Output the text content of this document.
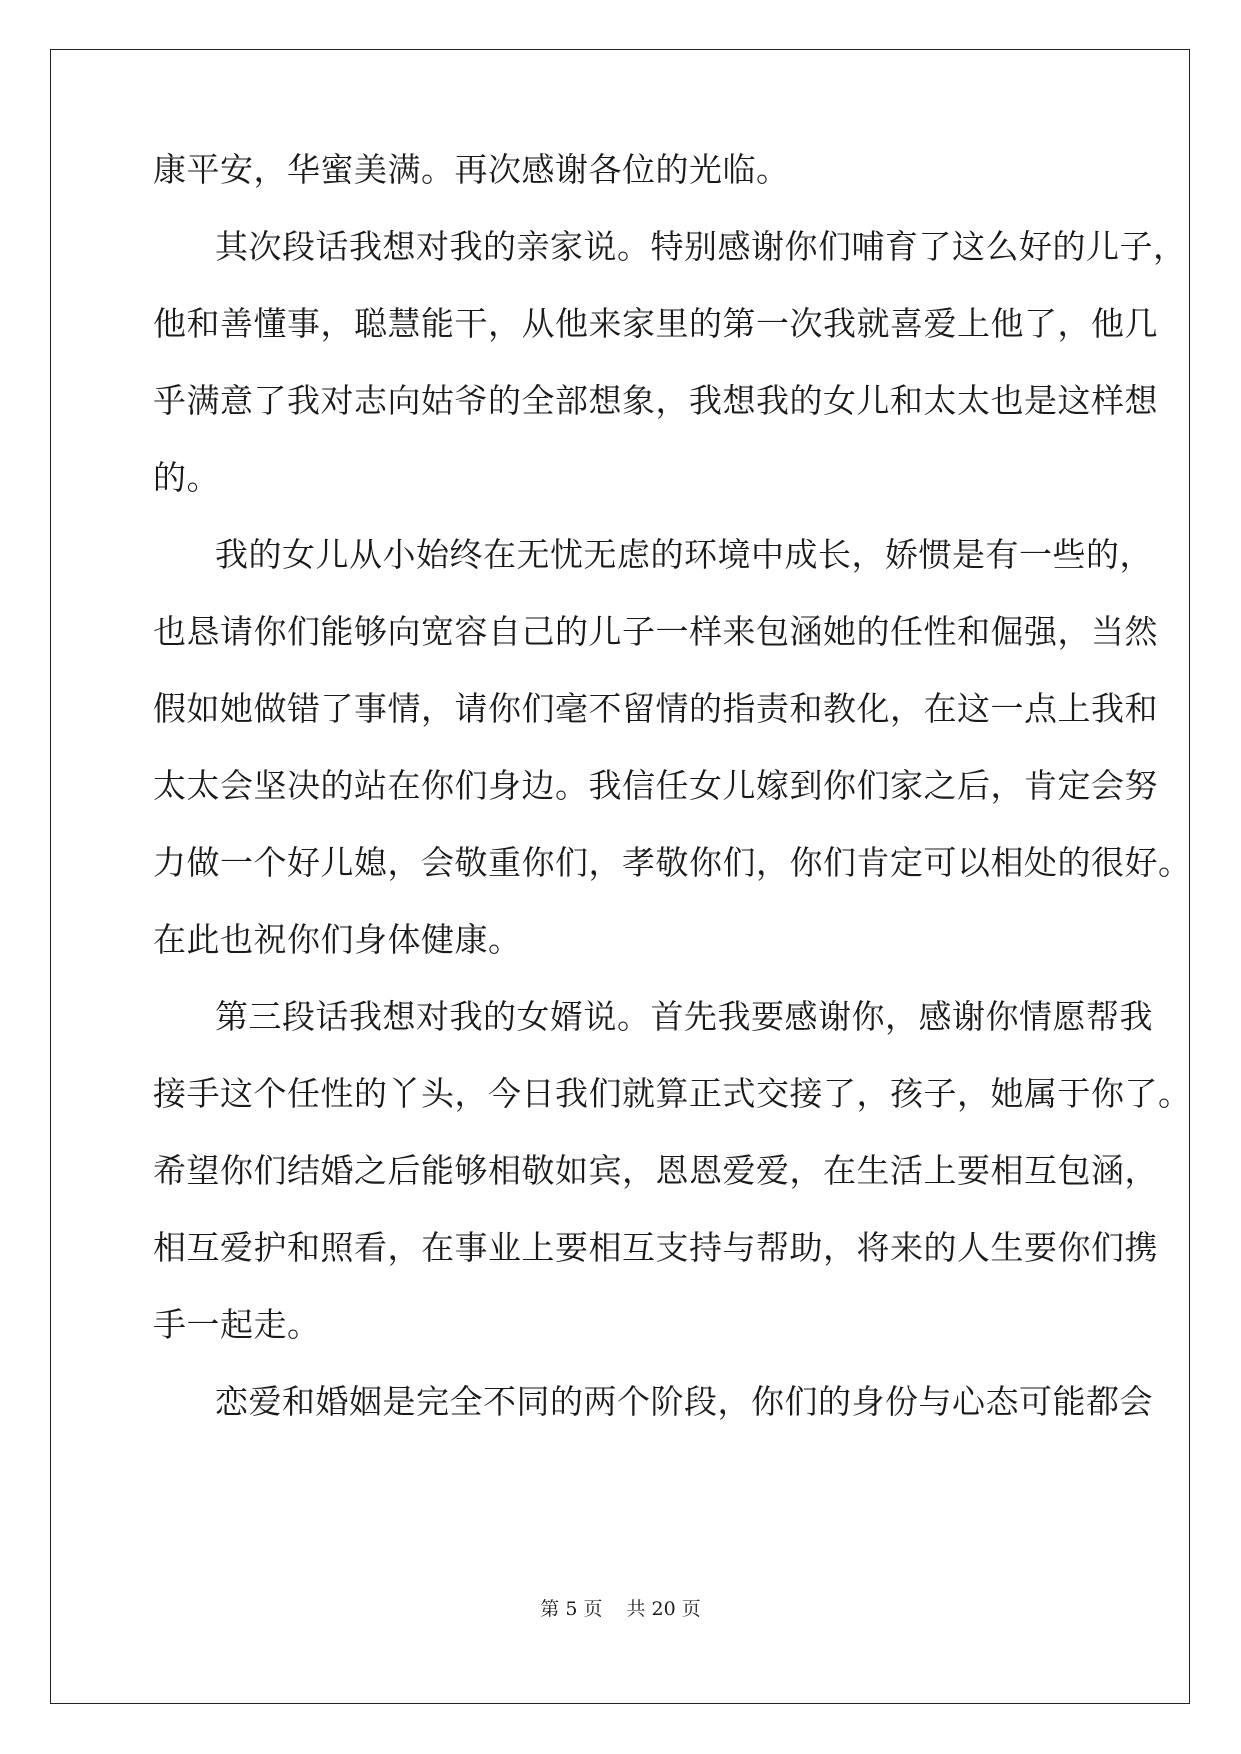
康平安，华蜜美满。再次感谢各位的光临。
其次段话我想对我的亲家说。特别感谢你们哺育了这么好的儿子，
他和善懂事，聪慧能干，从他来家里的第一次我就喜爱上他了，他几
乎满意了我对志向姑爷的全部想象，我想我的女儿和太太也是这样想
的。
我的女儿从小始终在无忧无虑的环境中成长，娇惯是有一些的，
也恳请你们能够向宽容自己的儿子一样来包涵她的任性和倔强，当然
假如她做错了事情，请你们毫不留情的指责和教化，在这一点上我和
太太会坚决的站在你们身边。我信任女儿嫁到你们家之后，肯定会努
力做一个好儿媳，会敬重你们，孝敬你们，你们肯定可以相处的很好。
在此也祝你们身体健康。
第三段话我想对我的女婿说。首先我要感谢你，感谢你情愿帮我
接手这个任性的丫头，今日我们就算正式交接了，孩子，她属于你了。
希望你们结婚之后能够相敬如宾，恩恩爱爱，在生活上要相互包涵，
相互爱护和照看，在事业上要相互支持与帮助，将来的人生要你们携
手一起走。
恋爱和婚姻是完全不同的两个阶段，你们的身份与心态可能都会
第 5 页 共 20 页
